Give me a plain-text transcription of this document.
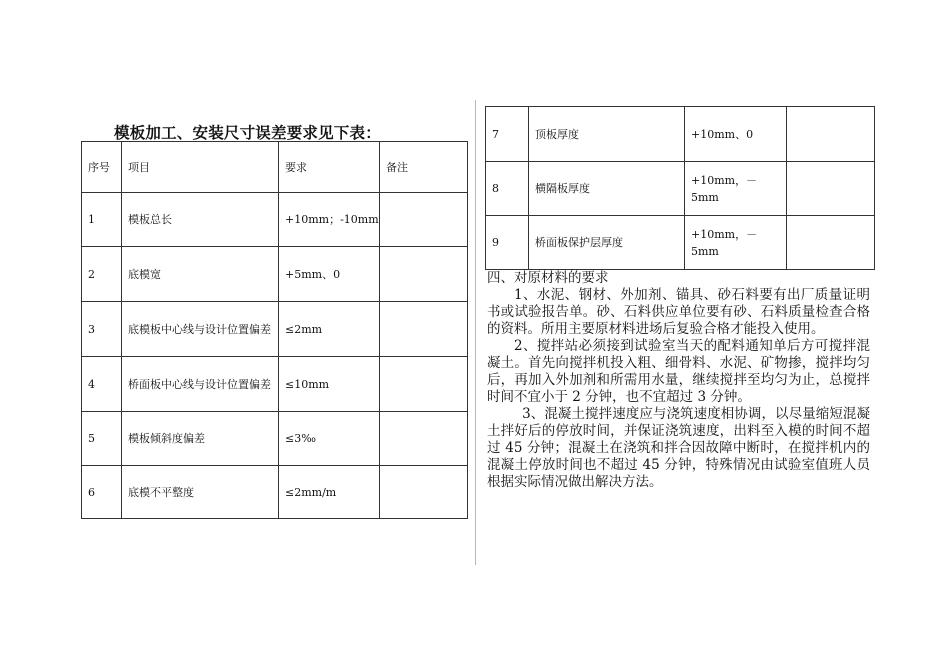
模板加工、安装尺寸误差要求见下表：
序号	项目	要求	备注
1	模板总长	+10mm；-10mm	
2	底模宽	+5mm、0	
3	底模板中心线与设计位置偏差	≤2mm	
4	桥面板中心线与设计位置偏差	≤10mm	
5	模板倾斜度偏差	≤3‰	
6	底模不平整度	≤2mm/m	
7	顶板厚度	+10mm、0	
8	横隔板厚度	+10mm，－5mm	
9	桥面板保护层厚度	+10mm，－5mm	

四、对原材料的要求

1、水泥、钢材、外加剂、锚具、砂石料要有出厂质量证明书或试验报告单。砂、石料供应单位要有砂、石料质量检查合格的资料。所用主要原材料进场后复验合格才能投入使用。

2、搅拌站必须接到试验室当天的配料通知单后方可搅拌混凝土。首先向搅拌机投入粗、细骨料、水泥、矿物掺，搅拌均匀后，再加入外加剂和所需用水量，继续搅拌至均匀为止，总搅拌时间不宜小于 2 分钟，也不宜超过 3 分钟。

3、混凝土搅拌速度应与浇筑速度相协调，以尽量缩短混凝土拌好后的停放时间，并保证浇筑速度，出料至入模的时间不超过 45 分钟；混凝土在浇筑和拌合因故障中断时，在搅拌机内的混凝土停放时间也不超过 45 分钟，特殊情况由试验室值班人员根据实际情况做出解决方法。
